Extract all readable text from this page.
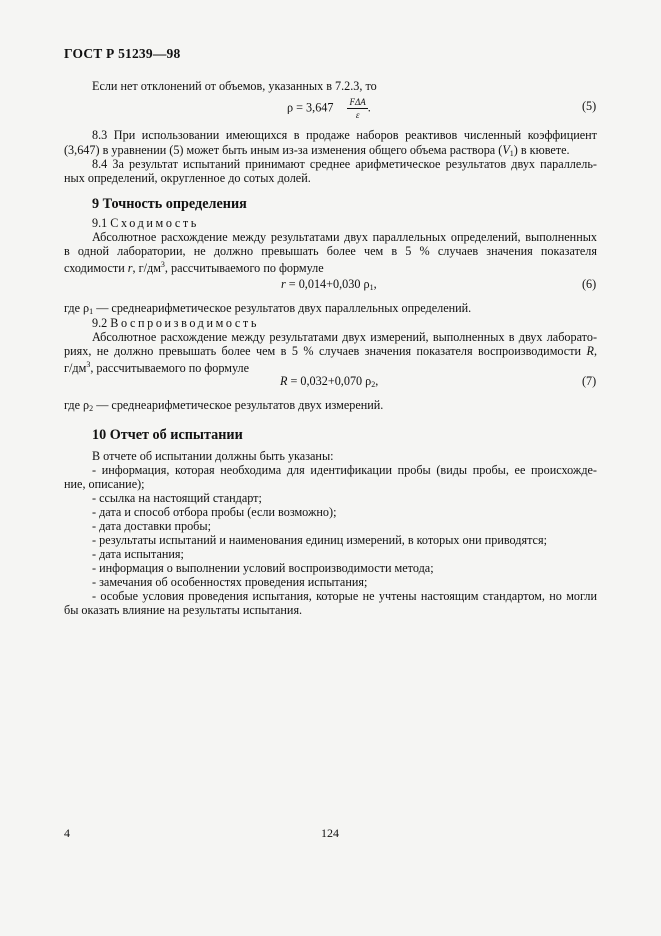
ГОСТ Р 51239—98
Если нет отклонений от объемов, указанных в 7.2.3, то
$\rho = 3,647 \frac{\text{FΔA}}{\varepsilon}$ .	(5)
8.3 При использовании имеющихся в продаже наборов реактивов численный коэффициент
(3,647) в уравнении (5) может быть иным из-за изменения общего объема раствора $(V_1)$ в кювете.
8.4 За результат испытаний принимают среднее арифметическое результатов двух параллель-
ных определений, округленное до сотых долей.
9 Точность определения
9.1 Сходимость
Абсолютное расхождение между результатами двух параллельных определений, выполненных
в одной лаборатории, не должно превышать более чем в 5 % случаев значения показателя
сходимости r, $г/дм^3$, рассчитываемого по формуле
r = 0,014+0,030 $\rho_1$,	(6)
где $\rho_1$ — среднеарифметическое результатов двух параллельных определений.
9.2 Воспроизводимость
Абсолютное расхождение между результатами двух измерений, выполненных в двух лаборато-
риях, не должно превышать более чем в 5 % случаев значения показателя воспроизводимости R,
$г/дм^3$, рассчитываемого по формуле
R = 0,032+0,070 $\rho_2$,	(7)
где $\rho_2$ — среднеарифметическое результатов двух измерений.
10 Отчет об испытании
В отчете об испытании должны быть указаны:
- информация, которая необходима для идентификации пробы (виды пробы, ее происхожде-
ние, описание);
- ссылка на настоящий стандарт;
- дата и способ отбора пробы (если возможно);
- дата доставки пробы;
- результаты испытаний и наименования единиц измерений, в которых они приводятся;
- дата испытания;
- информация о выполнении условий воспроизводимости метода;
- замечания об особенностях проведения испытания;
- особые условия проведения испытания, которые не учтены настоящим стандартом, но могли
бы оказать влияние на результаты испытания.
4	124
